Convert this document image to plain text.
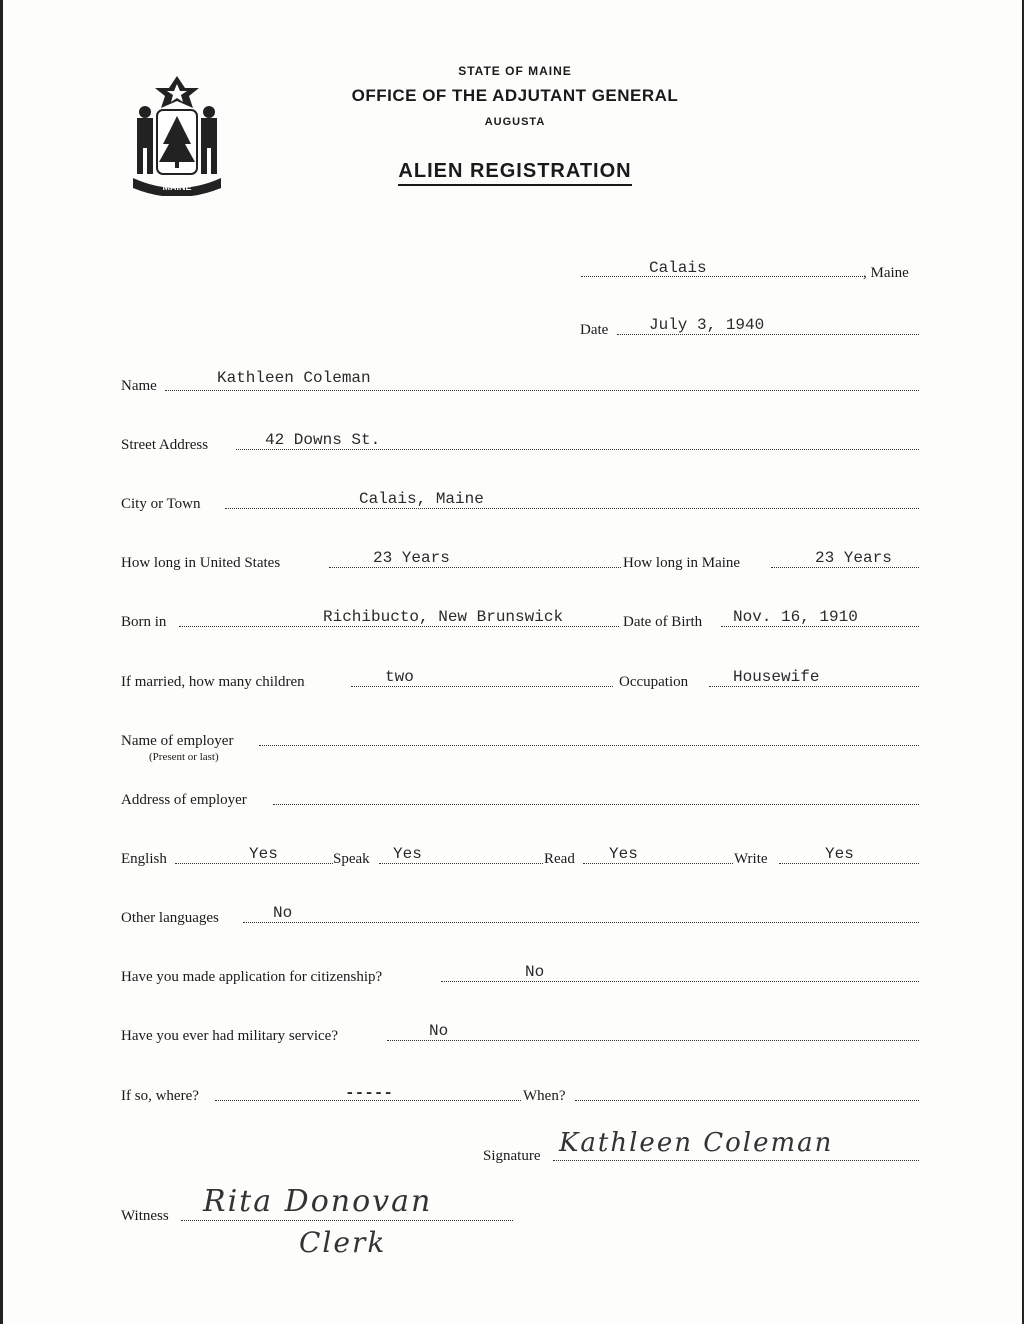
MAINE
STATE OF MAINE
OFFICE OF THE ADJUTANT GENERAL
AUGUSTA
ALIEN REGISTRATION
Calais	, Maine
Date	July 3, 1940
Name	Kathleen Coleman
Street Address	42 Downs St.
City or Town	Calais, Maine
How long in United States	23 Years	How long in Maine	23 Years
Born in	Richibucto, New Brunswick	Date of Birth Nov. 16, 1910
If married, how many children	two	Occupation	Housewife
Name of employer
(Present or last)
Address of employer
English	Yes	Speak Yes	Read Yes	Write	Yes
Other languages	No
Have you made application for citizenship?	No
Have you ever had military service?	No
If so, where?	-----	When?
Signature Kathleen Coleman
Witness Rita Donovan
Clerk
